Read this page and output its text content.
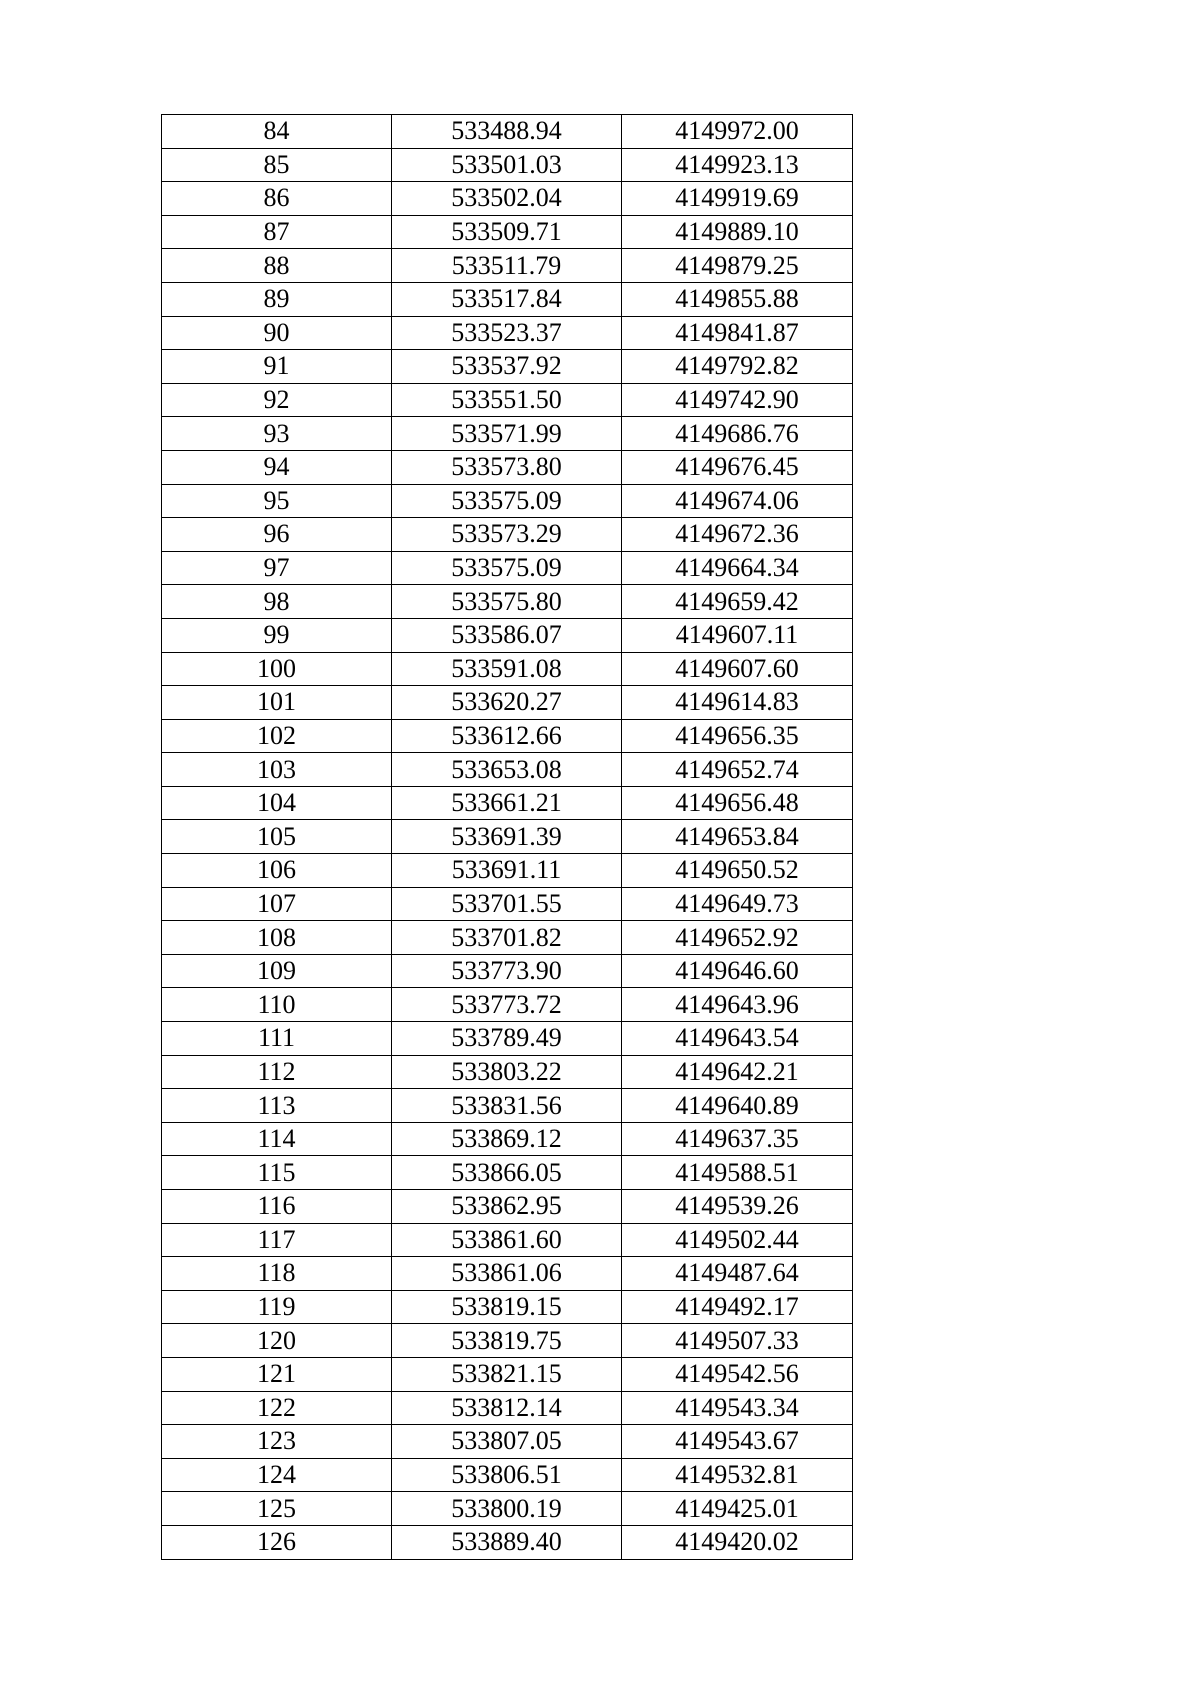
84	533488.94	4149972.00
85	533501.03	4149923.13
86	533502.04	4149919.69
87	533509.71	4149889.10
88	533511.79	4149879.25
89	533517.84	4149855.88
90	533523.37	4149841.87
91	533537.92	4149792.82
92	533551.50	4149742.90
93	533571.99	4149686.76
94	533573.80	4149676.45
95	533575.09	4149674.06
96	533573.29	4149672.36
97	533575.09	4149664.34
98	533575.80	4149659.42
99	533586.07	4149607.11
100	533591.08	4149607.60
101	533620.27	4149614.83
102	533612.66	4149656.35
103	533653.08	4149652.74
104	533661.21	4149656.48
105	533691.39	4149653.84
106	533691.11	4149650.52
107	533701.55	4149649.73
108	533701.82	4149652.92
109	533773.90	4149646.60
110	533773.72	4149643.96
111	533789.49	4149643.54
112	533803.22	4149642.21
113	533831.56	4149640.89
114	533869.12	4149637.35
115	533866.05	4149588.51
116	533862.95	4149539.26
117	533861.60	4149502.44
118	533861.06	4149487.64
119	533819.15	4149492.17
120	533819.75	4149507.33
121	533821.15	4149542.56
122	533812.14	4149543.34
123	533807.05	4149543.67
124	533806.51	4149532.81
125	533800.19	4149425.01
126	533889.40	4149420.02
